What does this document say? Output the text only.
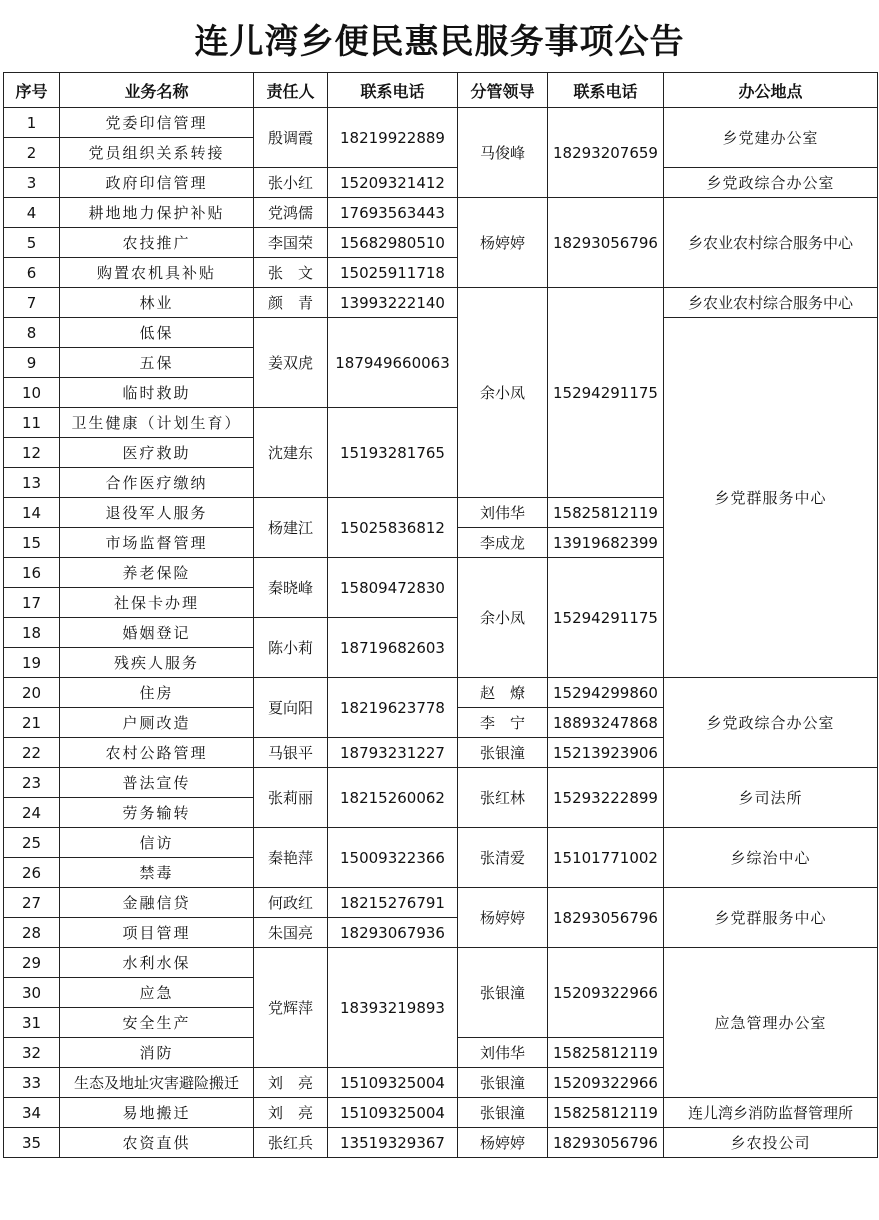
连儿湾乡便民惠民服务事项公告
序号	业务名称	责任人	联系电话	分管领导	联系电话	办公地点
1	党委印信管理	殷调霞	18219922889	马俊峰	18293207659	乡党建办公室
2	党员组织关系转接					
3	政府印信管理	张小红	15209321412			乡党政综合办公室
4	耕地地力保护补贴	党鸿儒	17693563443	杨婷婷	18293056796	乡农业农村综合服务中心
5	农技推广	李国荣	15682980510			
6	购置农机具补贴	张　文	15025911718			
7	林业	颜　青	13993222140	余小凤	15294291175	乡农业农村综合服务中心
8	低保	姜双虎	187949660063			乡党群服务中心
9	五保					
10	临时救助					
11	卫生健康（计划生育）	沈建东	15193281765			
12	医疗救助					
13	合作医疗缴纳					
14	退役军人服务	杨建江	15025836812	刘伟华	15825812119	
15	市场监督管理			李成龙	13919682399	
16	养老保险	秦晓峰	15809472830	余小凤	15294291175	
17	社保卡办理					
18	婚姻登记	陈小莉	18719682603			
19	残疾人服务					
20	住房	夏向阳	18219623778	赵　燎	15294299860	乡党政综合办公室
21	户厕改造			李　宁	18893247868	
22	农村公路管理	马银平	18793231227	张银潼	15213923906	
23	普法宣传	张莉丽	18215260062	张红林	15293222899	乡司法所
24	劳务输转					
25	信访	秦艳萍	15009322366	张清爱	15101771002	乡综治中心
26	禁毒					
27	金融信贷	何政红	18215276791	杨婷婷	18293056796	乡党群服务中心
28	项目管理	朱国亮	18293067936			
29	水利水保	党辉萍	18393219893	张银潼	15209322966	应急管理办公室
30	应急					
31	安全生产					
32	消防			刘伟华	15825812119	
33	生态及地址灾害避险搬迁	刘　亮	15109325004	张银潼	15209322966	
34	易地搬迁	刘　亮	15109325004	张银潼	15825812119	连儿湾乡消防监督管理所
35	农资直供	张红兵	13519329367	杨婷婷	18293056796	乡农投公司
